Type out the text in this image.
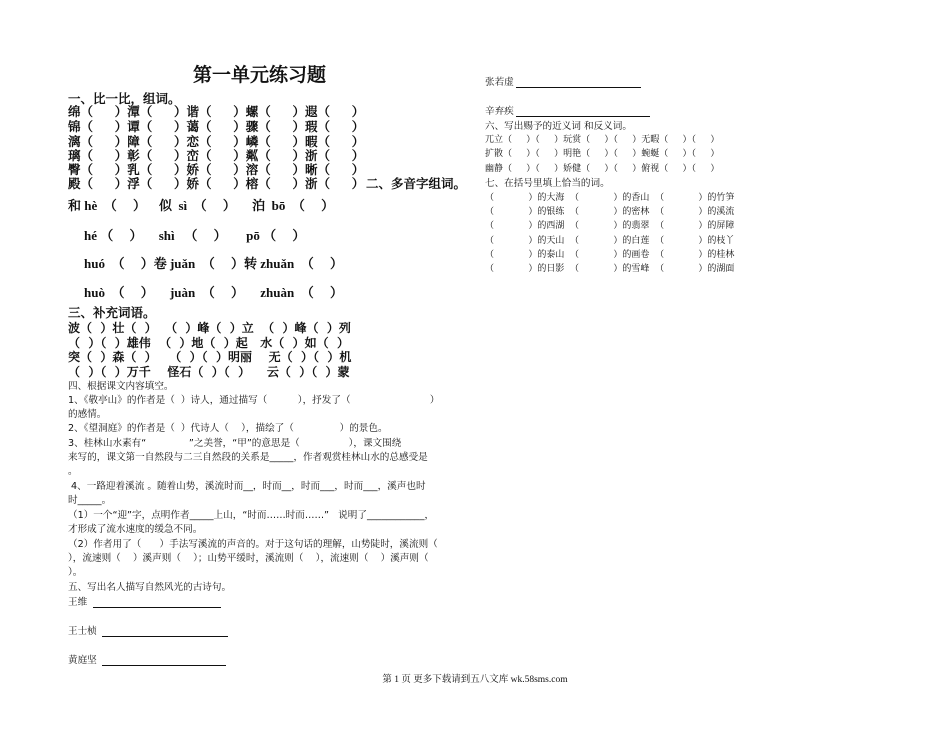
第一单元练习题
一、比一比，组词。
绵（     ）潭（     ）谐（     ）螺（     ）遐（     ）
锦（     ）谭（     ）蔼（     ）骤（     ）瑕（     ）
漓（     ）障（     ）恋（     ）嶙（     ）暇（     ）
璃（     ）彰（     ）峦（     ）粼（     ）浙（     ）
臀（     ）乳（     ）娇（     ）溶（     ）晰（     ）
殿（     ）浮（     ）娇（     ）榕（     ）浙（     ） 二、多音字组词。
和 hè  （     ）    似  sì  （     ）     泊  bō  （     ）
hé （     ）     shì   （     ）      pō （     ）
huó  （     ）卷 juǎn  （     ）转 zhuǎn  （     ）
huò  （     ）     juàn  （     ）     zhuàn  （     ）
三、补充词语。
波（  ）壮（  ）  （  ）峰（  ）立  （  ）峰（  ）列
（  ）（  ）雄伟  （  ）地（  ）起   水（  ）如（  ）
突（  ）森（  ）   （  ）（  ）明丽    无（  ）（  ）机
（  ）（  ）万千    怪石（  ）（  ）    云（  ）（  ）蒙
四、根据课文内容填空。
1、《敬亭山》的作者是（  ）诗人，通过描写（          ），抒发了（                          ）
的感情。
2、《望洞庭》的作者是（  ）代诗人（    ），描绘了（               ）的景色。
3、桂林山水素有“              ”之美誉，“甲”的意思是（                ），课文围绕
来写的，课文第一自然段与二三自然段的关系是_____，作者观赏桂林山水的总感受是
。
4、一路迎着溪流 。随着山势，溪流时而__，时而__，时而___，时而___，溪声也时
时_____。
（1）一个“迎”字，点明作者_____上山，“时而……时而……”   说明了____________，
才形成了流水速度的缓急不同。
（2）作者用了（      ）手法写溪流的声音的。对于这句话的理解，山势陡时，溪流则（
），流速则（    ）溪声则（    ）；山势平缓时，溪流则（    ），流速则（    ）溪声则（
）。
五、写出名人描写自然风光的古诗句。
王维
王士桢
黄庭坚
张若虚
辛弃疾
六、写出赐予的近义词 和反义词。
兀立（     ）（     ）玩赏（     ）（     ）无暇（     ）（     ）
扩散（     ）（     ）明艳（     ）（     ）蜿蜒（     ）（     ）
幽静（     ）（     ）娇健（     ）（     ）俯视（     ）（     ）
七、在括号里填上恰当的词。
（            ）的大海  （            ）的香山  （            ）的竹笋
（            ）的银练  （            ）的密林  （            ）的溪流
（            ）的西湖  （            ）的翡翠  （            ）的屏障
（            ）的天山  （            ）的白莲  （            ）的枝丫
（            ）的泰山  （            ）的画卷  （            ）的桂林
（            ）的日影  （            ）的雪峰  （            ）的湖面
第 1 页 更多下载请到五八文库 wk.58sms.com
